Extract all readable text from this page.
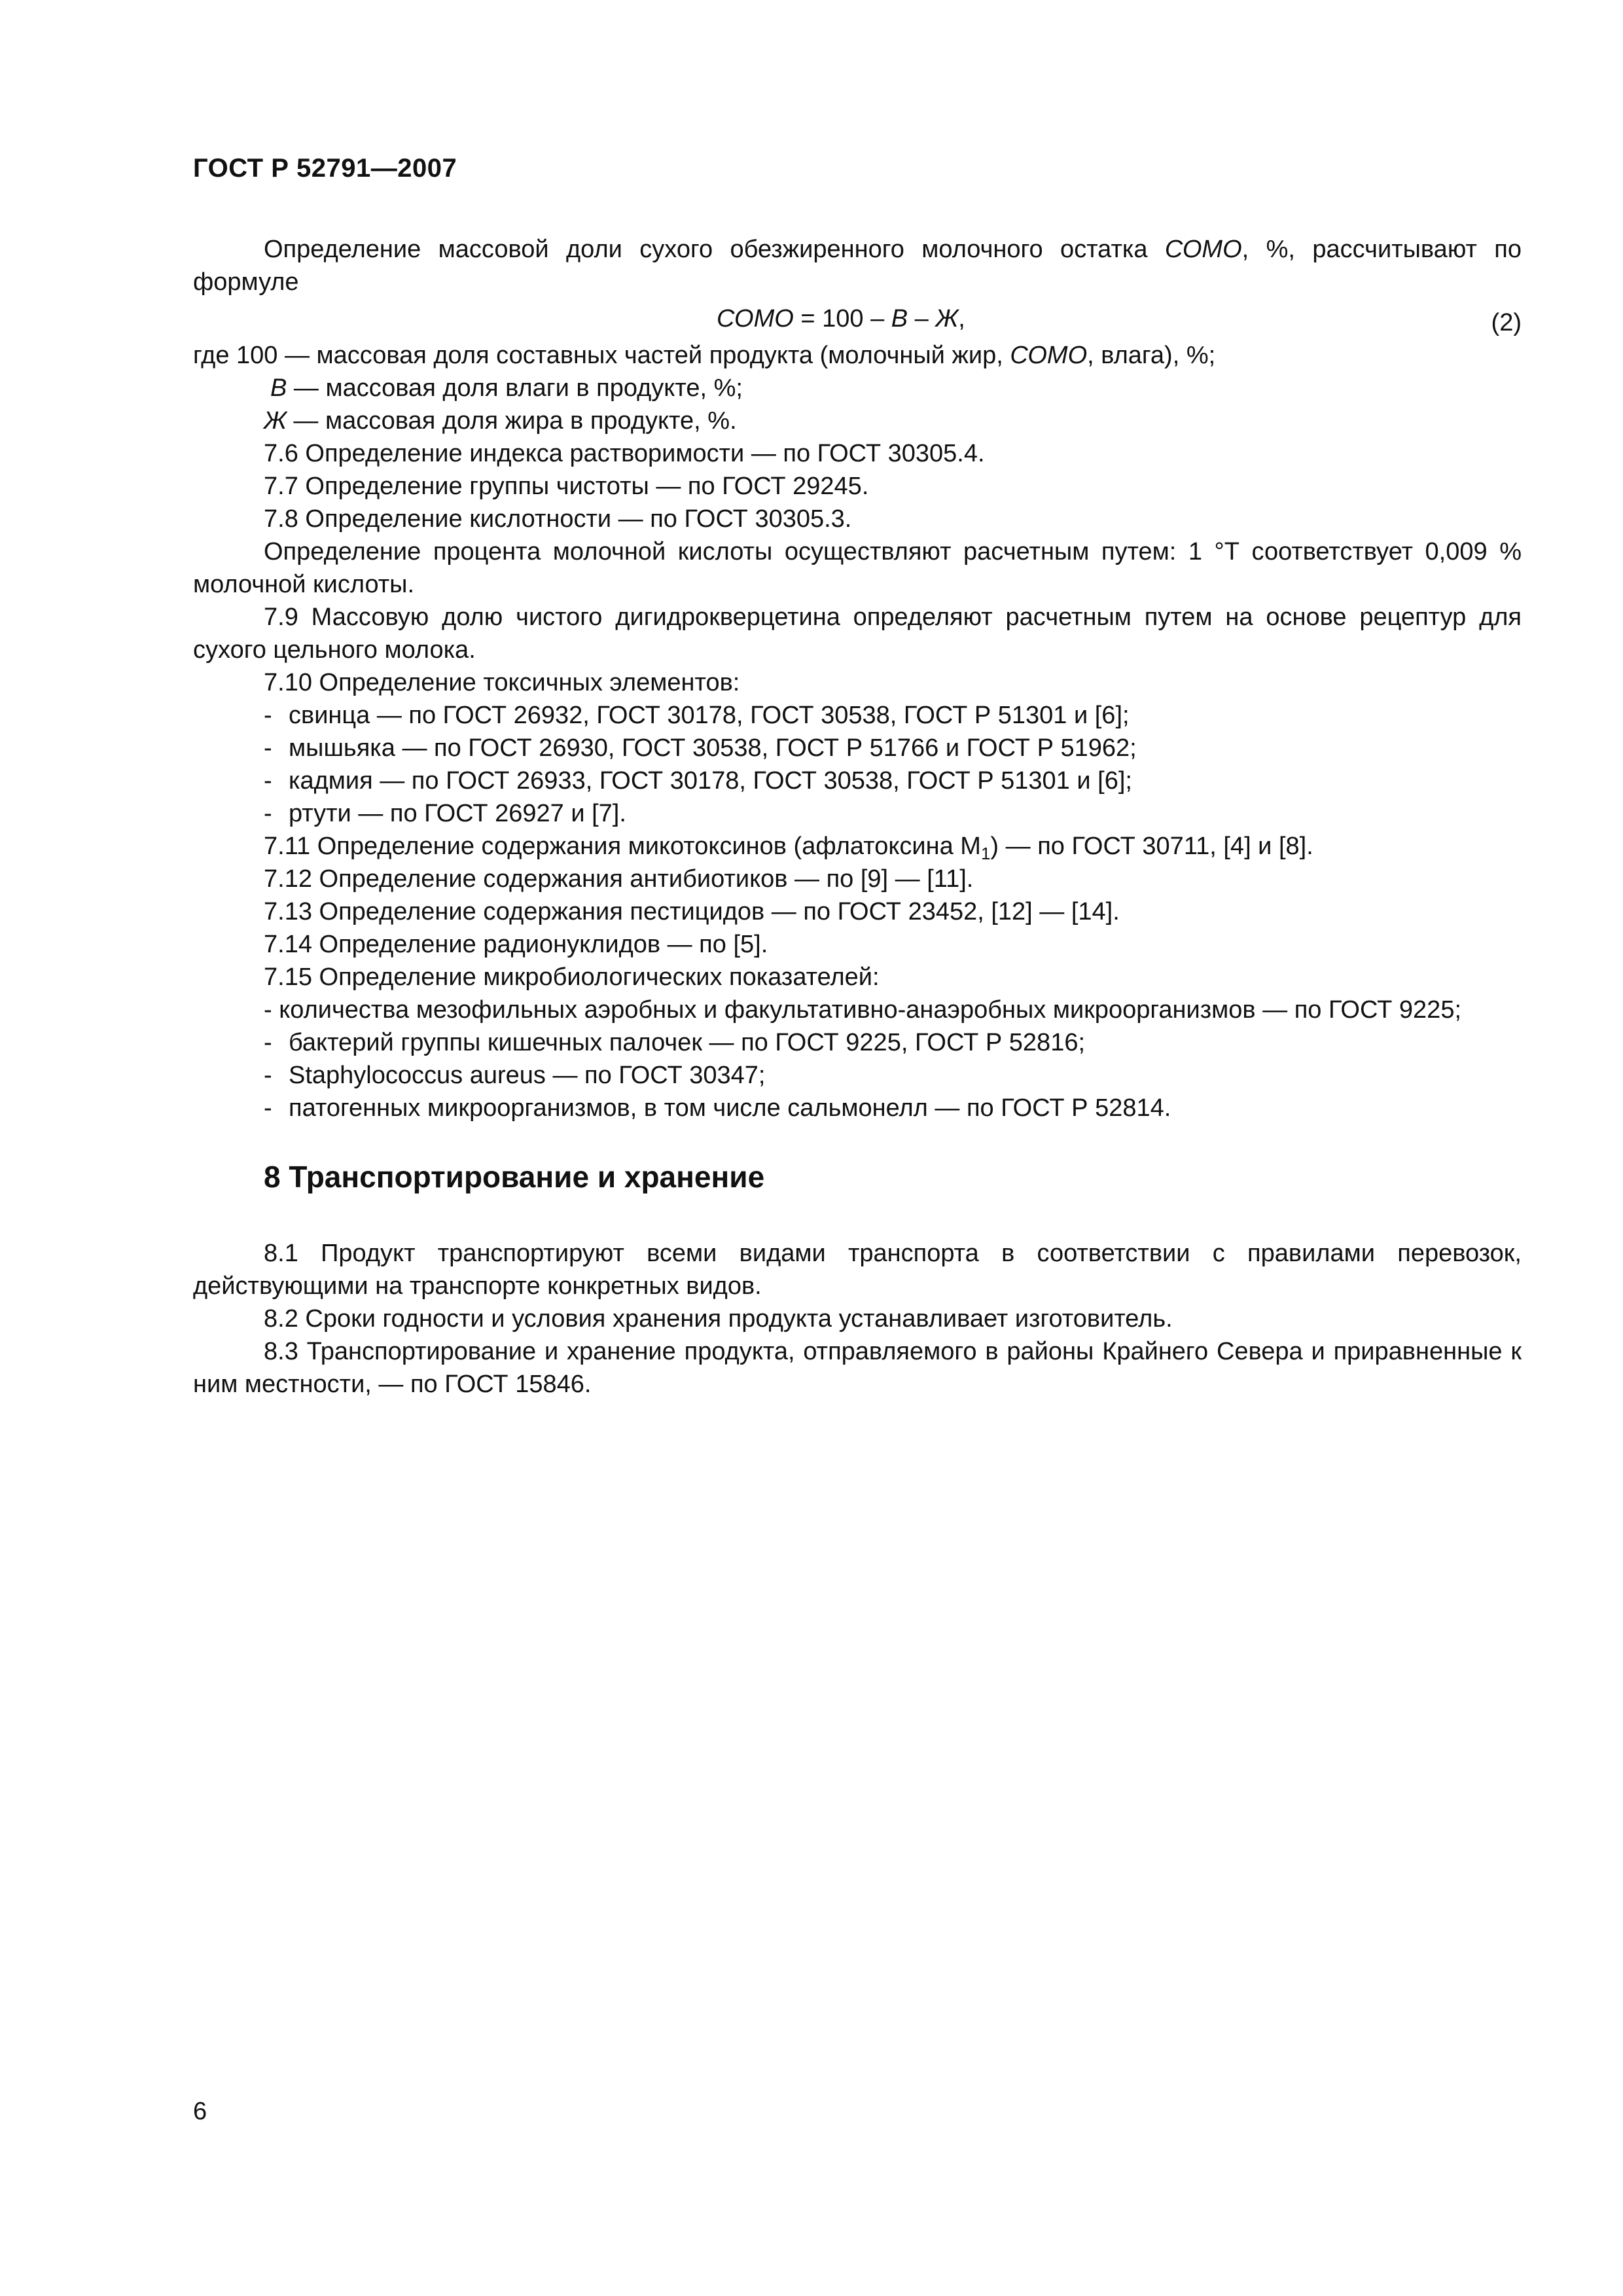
ГОСТ Р 52791—2007

Определение массовой доли сухого обезжиренного молочного остатка СОМО, %, рассчитывают по формуле

СОМО = 100 – В – Ж,	(2)
где 100 — массовая доля составных частей продукта (молочный жир, СОМО, влага), %;
В — массовая доля влаги в продукте, %;
Ж — массовая доля жира в продукте, %.

7.6 Определение индекса растворимости — по ГОСТ 30305.4.

7.7 Определение группы чистоты — по ГОСТ 29245.

7.8 Определение кислотности — по ГОСТ 30305.3.

Определение процента молочной кислоты осуществляют расчетным путем: 1 °Т соответствует 0,009 % молочной кислоты.

7.9 Массовую долю чистого дигидрокверцетина определяют расчетным путем на основе рецептур для сухого цельного молока.

7.10 Определение токсичных элементов:

- свинца — по ГОСТ 26932, ГОСТ 30178, ГОСТ 30538, ГОСТ Р 51301 и [6];
- мышьяка — по ГОСТ 26930, ГОСТ 30538, ГОСТ Р 51766 и ГОСТ Р 51962;
- кадмия — по ГОСТ 26933, ГОСТ 30178, ГОСТ 30538, ГОСТ Р 51301 и [6];
- ртути — по ГОСТ 26927 и [7].

7.11 Определение содержания микотоксинов (афлатоксина $М_1$) — по ГОСТ 30711, [4] и [8].

7.12 Определение содержания антибиотиков — по [9] — [11].

7.13 Определение содержания пестицидов — по ГОСТ 23452, [12] — [14].

7.14 Определение радионуклидов — по [5].

7.15 Определение микробиологических показателей:

- количества мезофильных аэробных и факультативно-анаэробных микроорганизмов — по ГОСТ 9225;

- бактерий группы кишечных палочек — по ГОСТ 9225, ГОСТ Р 52816;
- Staphylococcus aureus — по ГОСТ 30347;
- патогенных микроорганизмов, в том числе сальмонелл — по ГОСТ Р 52814.
8 Транспортирование и хранение

8.1 Продукт транспортируют всеми видами транспорта в соответствии с правилами перевозок, действующими на транспорте конкретных видов.

8.2 Сроки годности и условия хранения продукта устанавливает изготовитель.

8.3 Транспортирование и хранение продукта, отправляемого в районы Крайнего Севера и приравненные к ним местности, — по ГОСТ 15846.

6
